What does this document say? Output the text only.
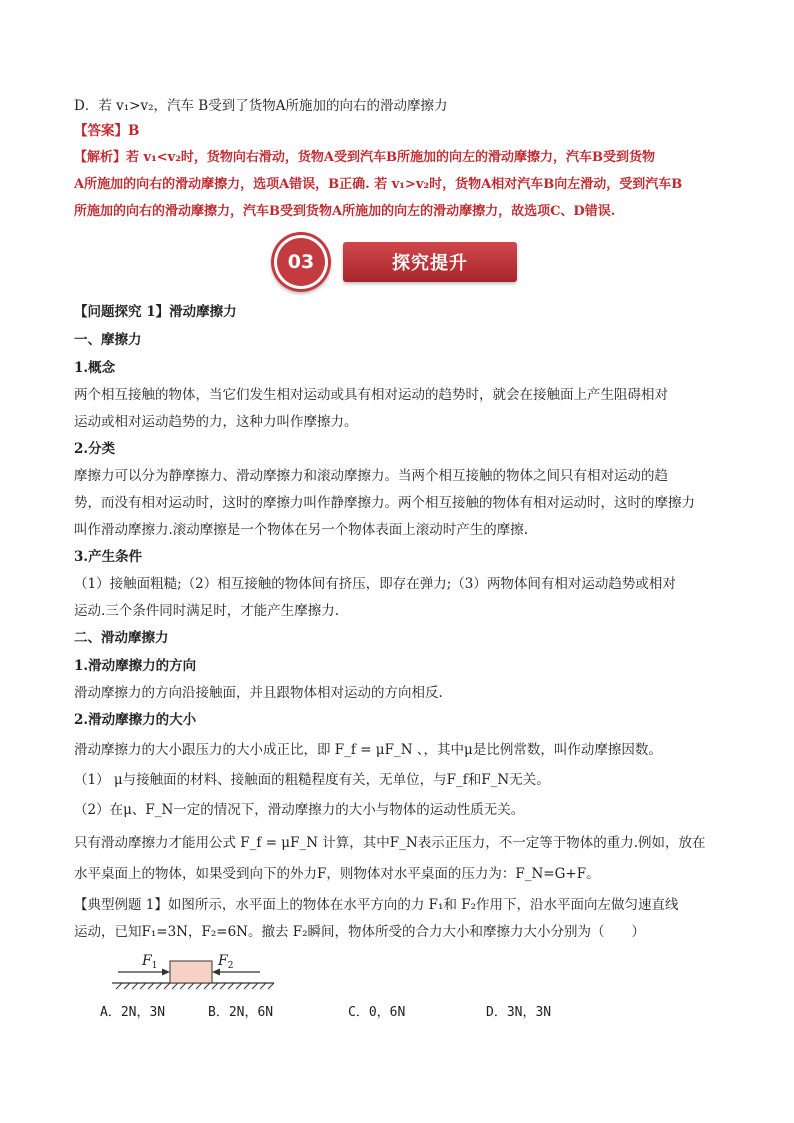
D．若 v₁>v₂，汽车 B受到了货物A所施加的向右的滑动摩擦力
【答案】B
【解析】若 v₁<v₂时，货物向右滑动，货物A受到汽车B所施加的向左的滑动摩擦力，汽车B受到货物
A所施加的向右的滑动摩擦力，选项A错误，B正确. 若 v₁>v₂时，货物A相对汽车B向左滑动，受到汽车B
所施加的向右的滑动摩擦力，汽车B受到货物A所施加的向左的滑动摩擦力，故选项C、D错误.
03	探究提升
【问题探究 1】滑动摩擦力
一、摩擦力
1.概念
两个相互接触的物体，当它们发生相对运动或具有相对运动的趋势时，就会在接触面上产生阻碍相对
运动或相对运动趋势的力，这种力叫作摩擦力。
2.分类
摩擦力可以分为静摩擦力、滑动摩擦力和滚动摩擦力。当两个相互接触的物体之间只有相对运动的趋
势，而没有相对运动时，这时的摩擦力叫作静摩擦力。两个相互接触的物体有相对运动时，这时的摩擦力
叫作滑动摩擦力.滚动摩擦是一个物体在另一个物体表面上滚动时产生的摩擦.
3.产生条件
（1）接触面粗糙;（2）相互接触的物体间有挤压，即存在弹力;（3）两物体间有相对运动趋势或相对
运动.三个条件同时满足时，才能产生摩擦力.
二、滑动摩擦力
1.滑动摩擦力的方向
滑动摩擦力的方向沿接触面，并且跟物体相对运动的方向相反.
2.滑动摩擦力的大小
滑动摩擦力的大小跟压力的大小成正比，即 F_f = μF_N 、，其中μ是比例常数，叫作动摩擦因数。
（1） μ与接触面的材料、接触面的粗糙程度有关，无单位，与F_f和F_N无关。
（2）在μ、F_N一定的情况下，滑动摩擦力的大小与物体的运动性质无关。
只有滑动摩擦力才能用公式 F_f = μF_N 计算，其中F_N表示正压力，不一定等于物体的重力.例如，放在
水平桌面上的物体，如果受到向下的外力F，则物体对水平桌面的压力为：F_N=G+F。
【典型例题 1】如图所示，水平面上的物体在水平方向的力 F₁和 F₂作用下，沿水平面向左做匀速直线
运动，已知F₁=3N，F₂=6N。撤去 F₂瞬间，物体所受的合力大小和摩擦力大小分别为（　　）
$F_1$	$F_2$
A．2N，3N	B．2N，6N	C．0，6N	D．3N，3N
